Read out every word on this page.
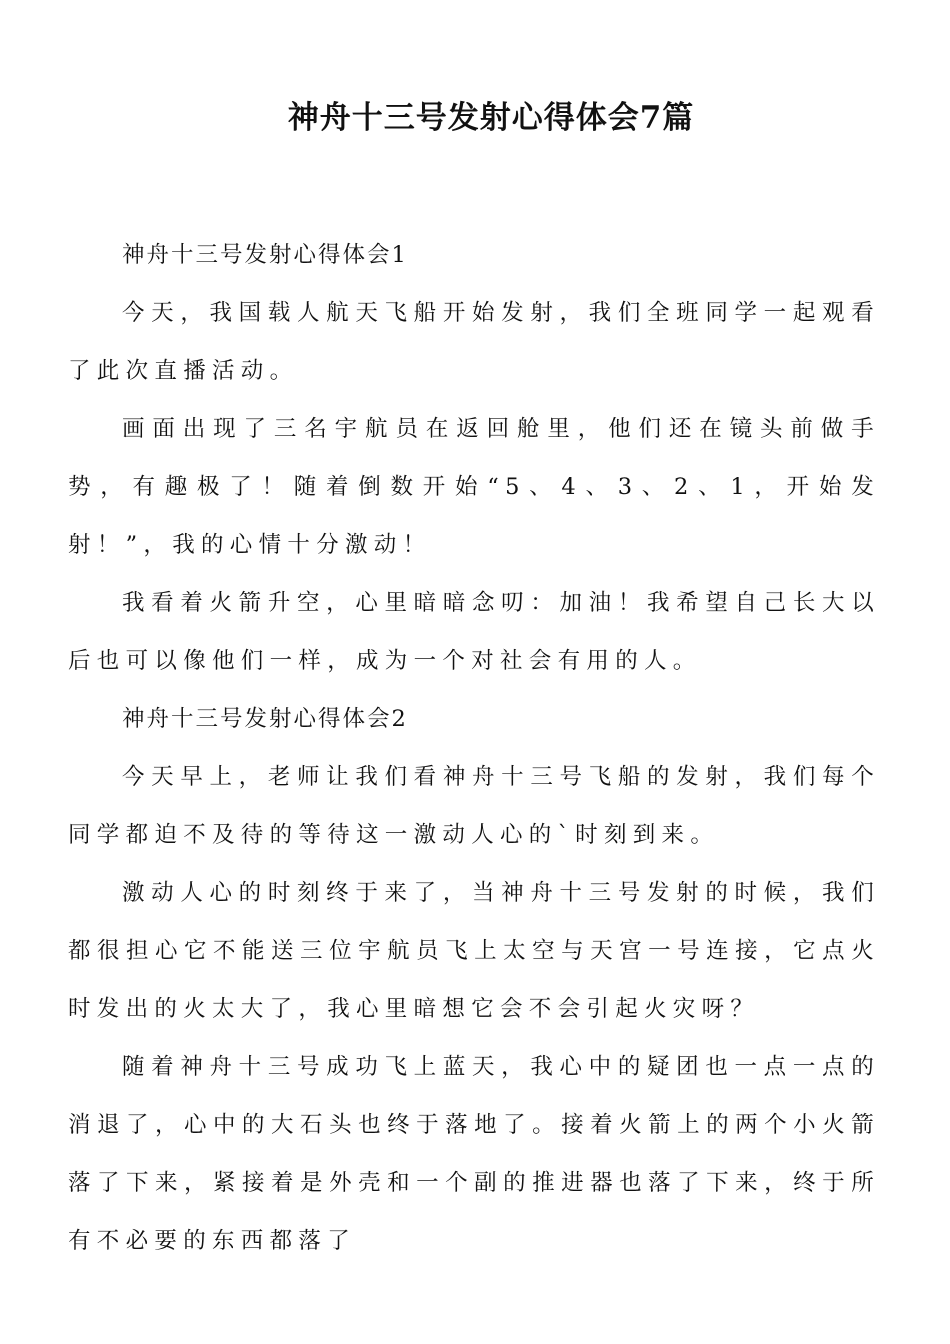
神舟十三号发射心得体会7篇

神舟十三号发射心得体会1

今天，我国载人航天飞船开始发射，我们全班同学一起观看了此次直播活动。

画面出现了三名宇航员在返回舱里，他们还在镜头前做手势，有趣极了！随着倒数开始“5、4、3、2、1，开始发射！”，我的心情十分激动！

我看着火箭升空，心里暗暗念叨：加油！我希望自己长大以后也可以像他们一样，成为一个对社会有用的人。

神舟十三号发射心得体会2

今天早上，老师让我们看神舟十三号飞船的发射，我们每个同学都迫不及待的等待这一激动人心的`时刻到来。

激动人心的时刻终于来了，当神舟十三号发射的时候，我们都很担心它不能送三位宇航员飞上太空与天宫一号连接，它点火时发出的火太大了，我心里暗想它会不会引起火灾呀？

随着神舟十三号成功飞上蓝天，我心中的疑团也一点一点的消退了，心中的大石头也终于落地了。接着火箭上的两个小火箭落了下来，紧接着是外壳和一个副的推进器也落了下来，终于所有不必要的东西都落了
